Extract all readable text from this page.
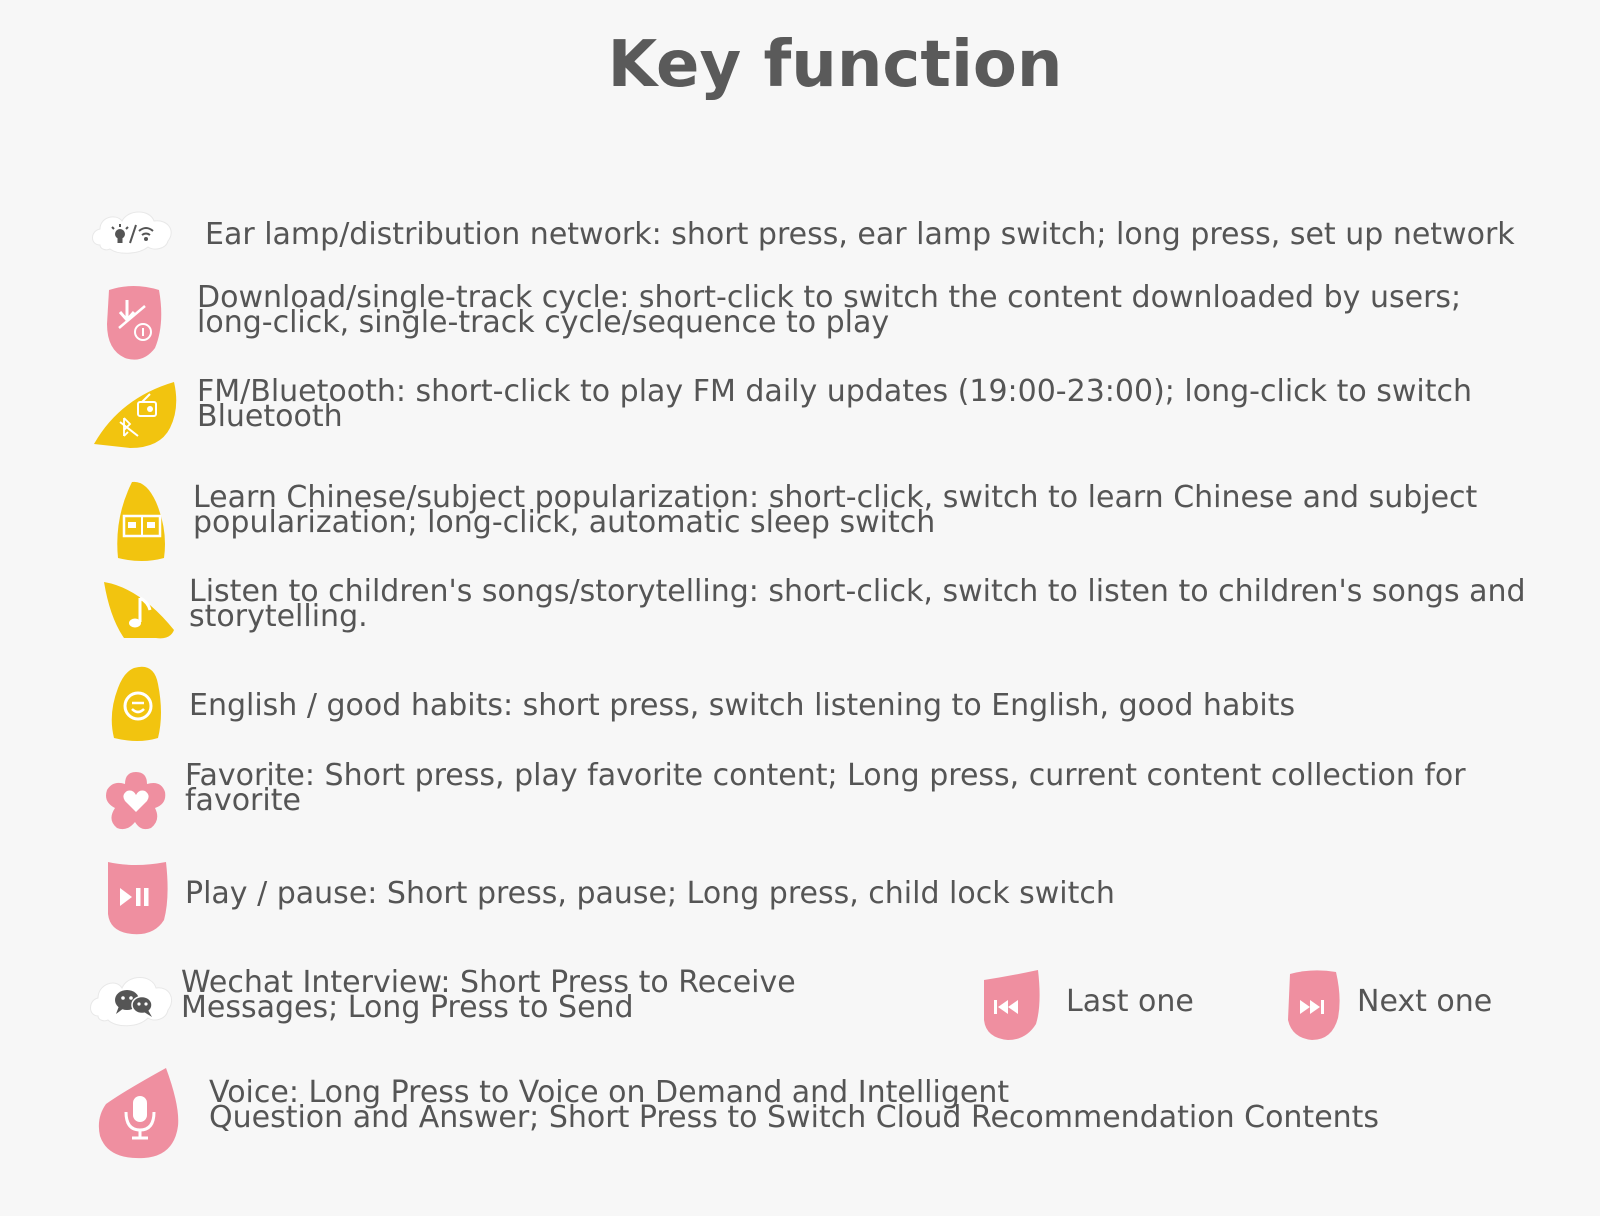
Key function
Ear lamp/distribution network: short press, ear lamp switch; long press, set up network
Download/single-track cycle: short-click to switch the content downloaded by users;
long-click, single-track cycle/sequence to play
FM/Bluetooth: short-click to play FM daily updates (19:00-23:00); long-click to switch
Bluetooth
Learn Chinese/subject popularization: short-click, switch to learn Chinese and subject
popularization; long-click, automatic sleep switch
Listen to children's songs/storytelling: short-click, switch to listen to children's songs and
storytelling.
English / good habits: short press, switch listening to English, good habits
Favorite: Short press, play favorite content; Long press, current content collection for
favorite
Play / pause: Short press, pause; Long press, child lock switch
Wechat Interview: Short Press to Receive
Messages; Long Press to Send	Last one	Next one
Voice: Long Press to Voice on Demand and Intelligent
Question and Answer; Short Press to Switch Cloud Recommendation Contents
